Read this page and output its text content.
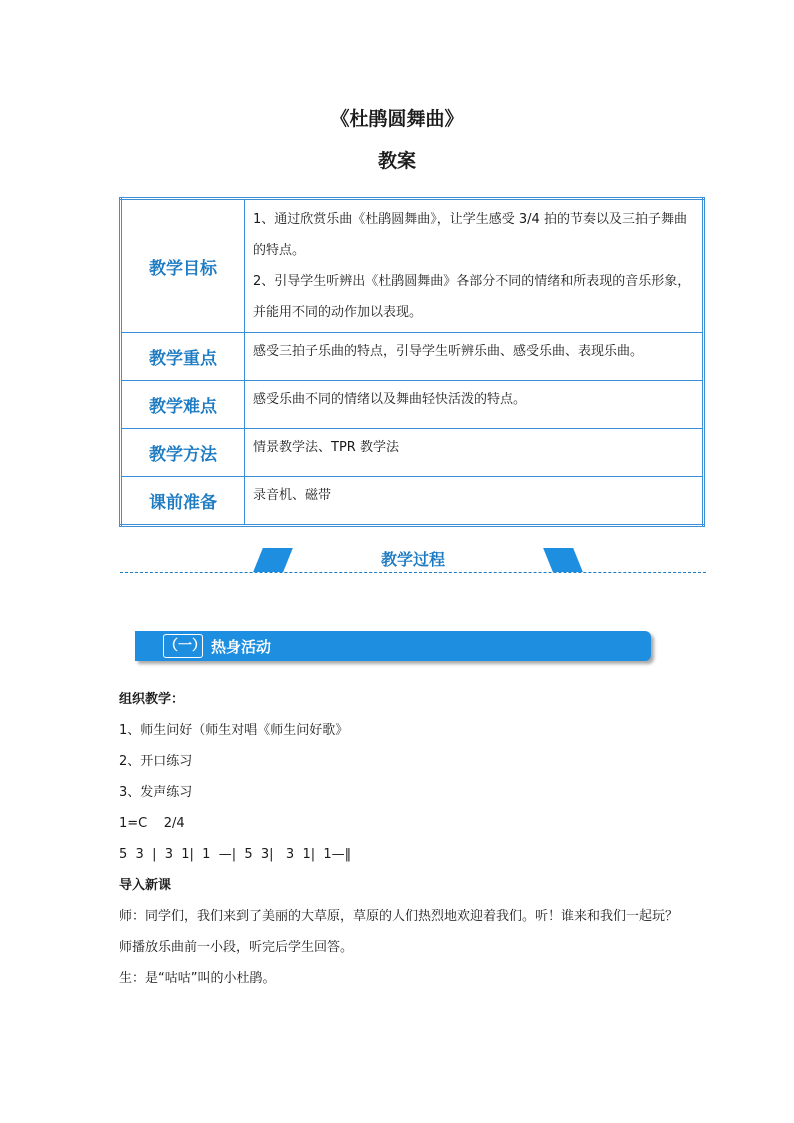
《杜鹃圆舞曲》
教案
教学目标	1、通过欣赏乐曲《杜鹃圆舞曲》，让学生感受 3/4 拍的节奏以及三拍子舞曲的特点。
2、引导学生听辨出《杜鹃圆舞曲》各部分不同的情绪和所表现的音乐形象，并能用不同的动作加以表现。

教学重点	感受三拍子乐曲的特点，引导学生听辨乐曲、感受乐曲、表现乐曲。
教学难点	感受乐曲不同的情绪以及舞曲轻快活泼的特点。
教学方法	情景教学法、TPR 教学法
课前准备	录音机、磁带
教学过程
（一） 热身活动

组织教学：

1、师生问好（师生对唱《师生问好歌》

2、开口练习

3、发声练习

1=C    2/4

5  3  |  3  1|  1  —|  5  3|   3  1|  1—‖

导入新课

师：同学们，我们来到了美丽的大草原，草原的人们热烈地欢迎着我们。听！谁来和我们一起玩？

师播放乐曲前一小段，听完后学生回答。

生：是“咕咕”叫的小杜鹃。
